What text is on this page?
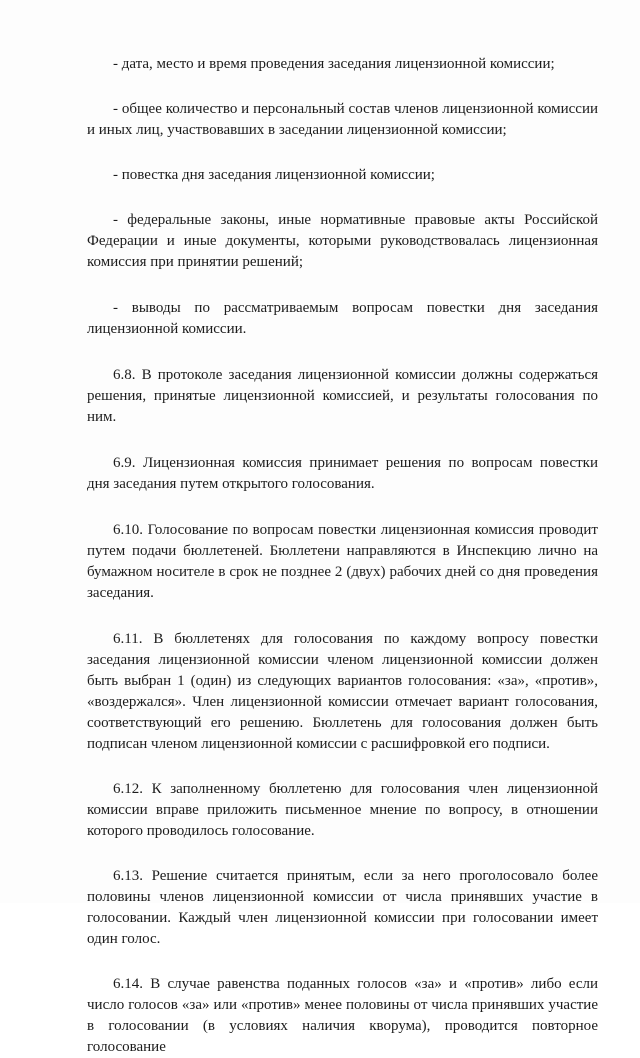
- дата, место и время проведения заседания лицензионной комиссии;

- общее количество и персональный состав членов лицензионной комиссии и иных лиц, участвовавших в заседании лицензионной комиссии;

- повестка дня заседания лицензионной комиссии;

- федеральные законы, иные нормативные правовые акты Российской Федерации и иные документы, которыми руководствовалась лицензионная комиссия при принятии решений;

- выводы по рассматриваемым вопросам повестки дня заседания лицензионной комиссии.

6.8. В протоколе заседания лицензионной комиссии должны содержаться решения, принятые лицензионной комиссией, и результаты голосования по ним.

6.9. Лицензионная комиссия принимает решения по вопросам повестки дня заседания путем открытого голосования.

6.10. Голосование по вопросам повестки лицензионная комиссия проводит путем подачи бюллетеней. Бюллетени направляются в Инспекцию лично на бумажном носителе в срок не позднее 2 (двух) рабочих дней со дня проведения заседания.

6.11. В бюллетенях для голосования по каждому вопросу повестки заседания лицензионной комиссии членом лицензионной комиссии должен быть выбран 1 (один) из следующих вариантов голосования: «за», «против», «воздержался». Член лицензионной комиссии отмечает вариант голосования, соответствующий его решению. Бюллетень для голосования должен быть подписан членом лицензионной комиссии с расшифровкой его подписи.

6.12. К заполненному бюллетеню для голосования член лицензионной комиссии вправе приложить письменное мнение по вопросу, в отношении которого проводилось голосование.

6.13. Решение считается принятым, если за него проголосовало более половины членов лицензионной комиссии от числа принявших участие в голосовании. Каждый член лицензионной комиссии при голосовании имеет один голос.

6.14. В случае равенства поданных голосов «за» и «против» либо если число голосов «за» или «против» менее половины от числа принявших участие в голосовании (в условиях наличия кворума), проводится повторное голосование
